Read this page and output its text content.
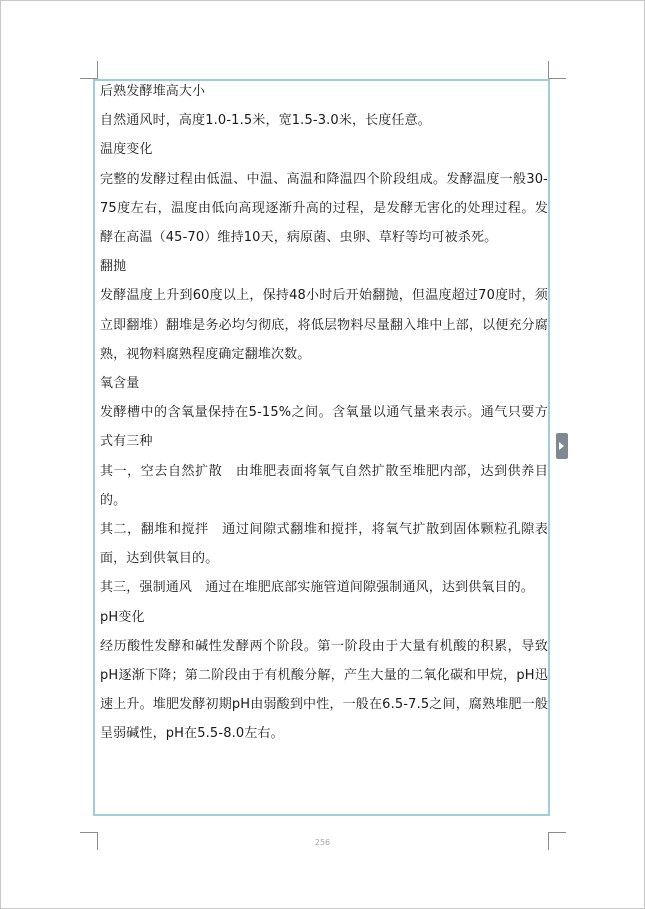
后熟发酵堆高大小

自然通风时，高度1.0-1.5米，宽1.5-3.0米，长度任意。

温度变化

完整的发酵过程由低温、中温、高温和降温四个阶段组成。发酵温度一般30-75度左右，温度由低向高现逐渐升高的过程，是发酵无害化的处理过程。发酵在高温（45-70）维持10天，病原菌、虫卵、草籽等均可被杀死。

翻抛

发酵温度上升到60度以上，保持48小时后开始翻抛，但温度超过70度时，须立即翻堆）翻堆是务必均匀彻底，将低层物料尽量翻入堆中上部，以便充分腐熟，视物料腐熟程度确定翻堆次数。

氧含量

发酵槽中的含氧量保持在5-15%之间。含氧量以通气量来表示。通气只要方式有三种

其一，空去自然扩散　由堆肥表面将氧气自然扩散至堆肥内部，达到供养目的。

其二，翻堆和搅拌　通过间隙式翻堆和搅拌，将氧气扩散到固体颗粒孔隙表面，达到供氧目的。

其三，强制通风　通过在堆肥底部实施管道间隙强制通风，达到供氧目的。

pH变化

经历酸性发酵和碱性发酵两个阶段。第一阶段由于大量有机酸的积累，导致pH逐渐下降；第二阶段由于有机酸分解，产生大量的二氧化碳和甲烷，pH迅速上升。堆肥发酵初期pH由弱酸到中性，一般在6.5-7.5之间，腐熟堆肥一般呈弱碱性，pH在5.5-8.0左右。

256
